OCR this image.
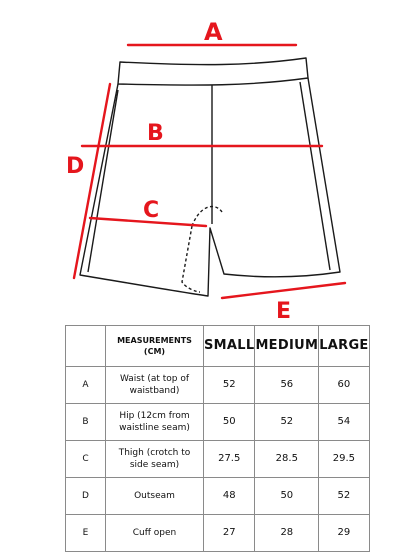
A
B
C
D
E

	MEASUREMENTS
(CM)	SMALL	MEDIUM	LARGE
A	Waist (at top of
waistband)	52	56	60
B	Hip (12cm from
waistline seam)	50	52	54
C	Thigh (crotch to
side seam)	27.5	28.5	29.5
D	Outseam	48	50	52
E	Cuff open	27	28	29
